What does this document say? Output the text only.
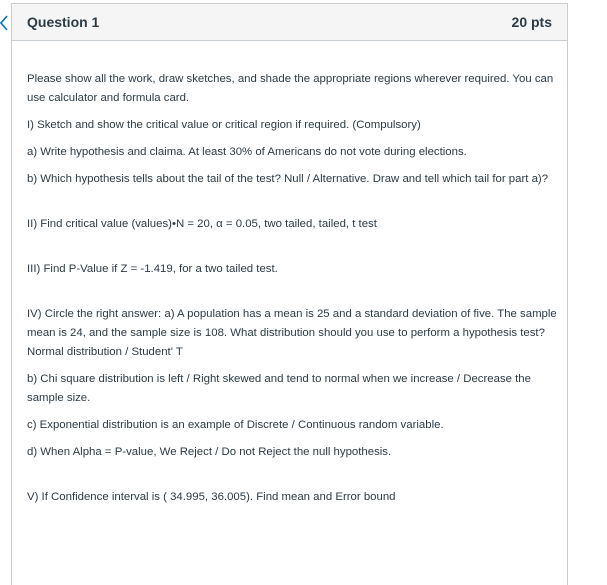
Question 1	20 pts

Please show all the work, draw sketches, and shade the appropriate regions wherever required. You can use calculator and formula card.

I) Sketch and show the critical value or critical region if required. (Compulsory)

a) Write hypothesis and claima. At least 30% of Americans do not vote during elections.

b) Which hypothesis tells about the tail of the test? Null / Alternative. Draw and tell which tail for part a)?

II) Find critical value (values)•N = 20, α = 0.05, two tailed, tailed, t test

III) Find P-Value if Z = -1.419, for a two tailed test.

IV) Circle the right answer: a) A population has a mean is 25 and a standard deviation of five. The sample mean is 24, and the sample size is 108. What distribution should you use to perform a hypothesis test? Normal distribution / Student' T

b) Chi square distribution is left / Right skewed and tend to normal when we increase / Decrease the sample size.

c) Exponential distribution is an example of Discrete / Continuous random variable.

d) When Alpha = P-value, We Reject / Do not Reject the null hypothesis.

V) If Confidence interval is ( 34.995, 36.005). Find mean and Error bound
